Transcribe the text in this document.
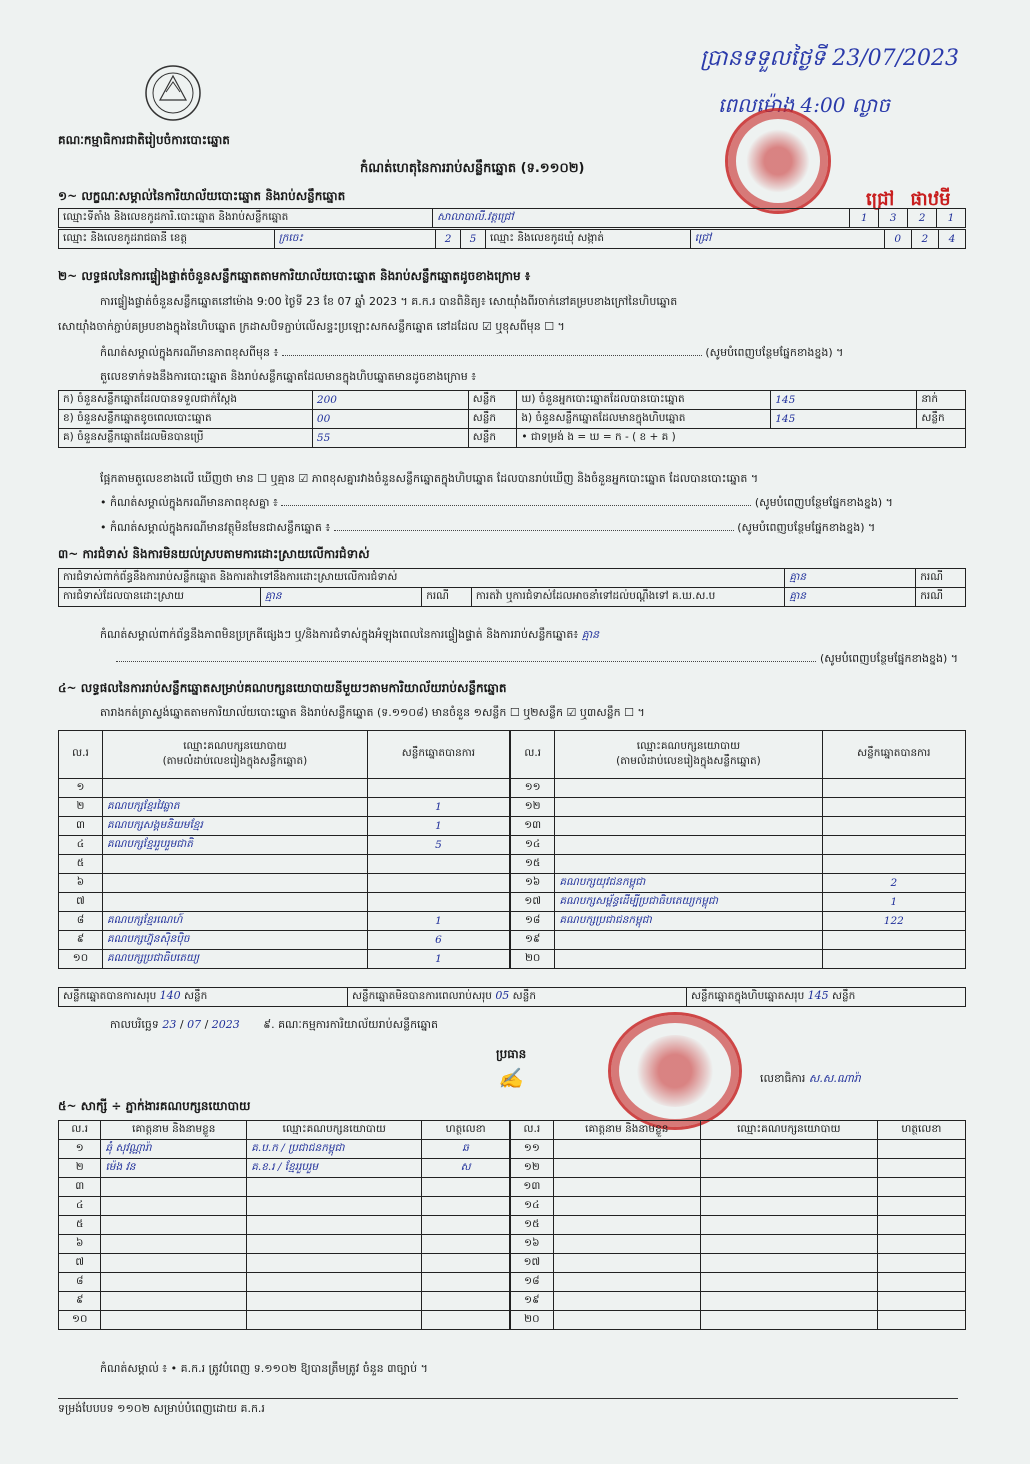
គណៈកម្មាធិការជាតិរៀបចំការបោះឆ្នោត
ប្រានទទួលថ្ងៃទី 23/07/2023
ពេលម៉ោង 4:00 ល្ងាច
ជ្រៅ ផាឋមី
កំណត់ហេតុនៃការរាប់សន្លឹកឆ្នោត (ទ.១១០២)
១~ លក្ខណៈសម្គាល់នៃការិយាល័យបោះឆ្នោត និងរាប់សន្លឹកឆ្នោត
ឈ្មោះទីតាំង និងលេខកូដការិ.បោះឆ្នោត និងរាប់សន្លឹកឆ្នោត	សាលាបាលី.វត្តជ្រៅ	1	3	2	1
ឈ្មោះ និងលេខកូដរាជធានី ខេត្ត	ក្រចេះ	2	5	ឈ្មោះ និងលេខកូដឃុំ សង្កាត់	ជ្រៅ	0	2	4
២~ លទ្ធផលនៃការផ្ទៀងផ្ទាត់ចំនួនសន្លឹកឆ្នោតតាមការិយាល័យបោះឆ្នោត និងរាប់សន្លឹកឆ្នោតដូចខាងក្រោម ៖
ការផ្ទៀងផ្ទាត់ចំនួនសន្លឹកឆ្នោតនៅម៉ោង 9:00 ថ្ងៃទី 23 ខែ 07 ឆ្នាំ 2023 ។ គ.ក.រ បានពិនិត្យ៖ សោយ៉ាំងពីរចាក់នៅគម្របខាងក្រៅនៃហិបឆ្នោត
សោយ៉ាំងចាក់ភ្ជាប់គម្របខាងក្នុងនៃហិបឆ្នោត ក្រដាសបិទភ្ជាប់លើសន្ទះប្រឡោះសកសន្លឹកឆ្នោត នៅដដែល ☑ ឬខុសពីមុន ☐ ។
កំណត់សម្គាល់ក្នុងករណីមានភាពខុសពីមុន ៖	(សូមបំពេញបន្ថែមផ្នែកខាងខ្នង) ។
តួលេខទាក់ទងនឹងការបោះឆ្នោត និងរាប់សន្លឹកឆ្នោតដែលមានក្នុងហិបឆ្នោតមានដូចខាងក្រោម ៖
ក) ចំនួនសន្លឹកឆ្នោតដែលបានទទួលជាក់ស្តែង	200	សន្លឹក	ឃ) ចំនួនអ្នកបោះឆ្នោតដែលបានបោះឆ្នោត	145	នាក់
ខ) ចំនួនសន្លឹកឆ្នោតខូចពេលបោះឆ្នោត	00	សន្លឹក	ង) ចំនួនសន្លឹកឆ្នោតដែលមានក្នុងហិបឆ្នោត	145	សន្លឹក
គ) ចំនួនសន្លឹកឆ្នោតដែលមិនបានប្រើ	55	សន្លឹក	• ជាទម្រង់ ង = ឃ = ក - ( ខ + គ )		
ផ្អែកតាមតួលេខខាងលើ ឃើញថា មាន ☐ ឬគ្មាន ☑ ភាពខុសគ្នារវាងចំនួនសន្លឹកឆ្នោតក្នុងហិបឆ្នោត ដែលបានរាប់ឃើញ និងចំនួនអ្នកបោះឆ្នោត ដែលបានបោះឆ្នោត ។
• កំណត់សម្គាល់ក្នុងករណីមានភាពខុសគ្នា ៖	(សូមបំពេញបន្ថែមផ្នែកខាងខ្នង) ។
• កំណត់សម្គាល់ក្នុងករណីមានវត្ថុមិនមែនជាសន្លឹកឆ្នោត ៖	(សូមបំពេញបន្ថែមផ្នែកខាងខ្នង) ។
៣~ ការជំទាស់ និងការមិនយល់ស្របតាមការដោះស្រាយលើការជំទាស់
ការជំទាស់ពាក់ព័ន្ធនឹងការរាប់សន្លឹកឆ្នោត និងការតវ៉ាទៅនឹងការដោះស្រាយលើការជំទាស់				គ្មាន	ករណី
ការជំទាស់ដែលបានដោះស្រាយ	គ្មាន	ករណី	ការតវ៉ា ឬការជំទាស់ដែលអាចនាំទៅដល់បណ្តឹងទៅ គ.ឃ.ស.ប	គ្មាន	ករណី
កំណត់សម្គាល់ពាក់ព័ន្ធនឹងភាពមិនប្រក្រតីផ្សេងៗ ឬ/និងការជំទាស់ក្នុងអំឡុងពេលនៃការផ្ទៀងផ្ទាត់ និងការរាប់សន្លឹកឆ្នោត៖ គ្មាន
(សូមបំពេញបន្ថែមផ្នែកខាងខ្នង) ។
៤~ លទ្ធផលនៃការរាប់សន្លឹកឆ្នោតសម្រាប់គណបក្សនយោបាយនីមួយៗតាមការិយាល័យរាប់សន្លឹកឆ្នោត
តារាងកត់ត្រាស្ទង់ឆ្នោតតាមការិយាល័យបោះឆ្នោត និងរាប់សន្លឹកឆ្នោត (ទ.១១០៨) មានចំនួន ១សន្លឹក ☐ ឬ២សន្លឹក ☑ ឬ៣សន្លឹក ☐ ។
ល.រ	ឈ្មោះគណបក្សនយោបាយ
(តាមលំដាប់លេខរៀងក្នុងសន្លឹកឆ្នោត)	សន្លឹកឆ្នោតបានការ
១		
២	គណបក្សខ្មែរវៃឆ្លាត	1
៣	គណបក្សសង្គមនិយមខ្មែរ	1
៤	គណបក្សខ្មែររួបរួមជាតិ	5
៥		
៦		
៧		
៨	គណបក្សខ្មែរណេហ៍	1
៩	គណបក្សហ្វ៊ុនស៊ិនប៉ិច	6
១០	គណបក្សប្រជាធិបតេយ្យ	1
ល.រ	ឈ្មោះគណបក្សនយោបាយ
(តាមលំដាប់លេខរៀងក្នុងសន្លឹកឆ្នោត)	សន្លឹកឆ្នោតបានការ
១១		
១២		
១៣		
១៤		
១៥		
១៦	គណបក្សយុវជនកម្ពុជា	2
១៧	គណបក្សសម្ព័ន្ធដើម្បីប្រជាធិបតេយ្យកម្ពុជា	1
១៨	គណបក្សប្រជាជនកម្ពុជា	122
១៩		
២០		
សន្លឹកឆ្នោតបានការសរុប 140 សន្លឹក	សន្លឹកឆ្នោតមិនបានការពេលរាប់សរុប 05 សន្លឹក	សន្លឹកឆ្នោតក្នុងហិបឆ្នោតសរុប 145 សន្លឹក
កាលបរិច្ឆេទ 23 / 07 / 2023 ៩. គណៈកម្មការការិយាល័យរាប់សន្លឹកឆ្នោត
ប្រធាន
✍	លេខាធិការ ស.ស.ណារ៉ា
៥~ សាក្សី ÷ ភ្នាក់ងារគណបក្សនយោបាយ
ល.រ	គោត្តនាម និងនាមខ្លួន	ឈ្មោះគណបក្សនយោបាយ	ហត្ថលេខា
១	ឆុំ សុវណ្ណារ៉ា	គ.ប.ក / ប្រជាជនកម្ពុជា	ឆ
២	ម៉េង វន	គ.ខ.រ / ខ្មែររួបរួម	ស
៣			
៤			
៥			
៦			
៧			
៨			
៩			
១០			
ល.រ	គោត្តនាម និងនាមខ្លួន	ឈ្មោះគណបក្សនយោបាយ	ហត្ថលេខា
១១			
១២			
១៣			
១៤			
១៥			
១៦			
១៧			
១៨			
១៩			
២០			
កំណត់សម្គាល់ ៖ • គ.ក.រ ត្រូវបំពេញ ទ.១១០២ ឱ្យបានត្រឹមត្រូវ ចំនួន ៣ច្បាប់ ។
ទម្រង់បែបបទ ១១០២ សម្រាប់បំពេញដោយ គ.ក.រ
